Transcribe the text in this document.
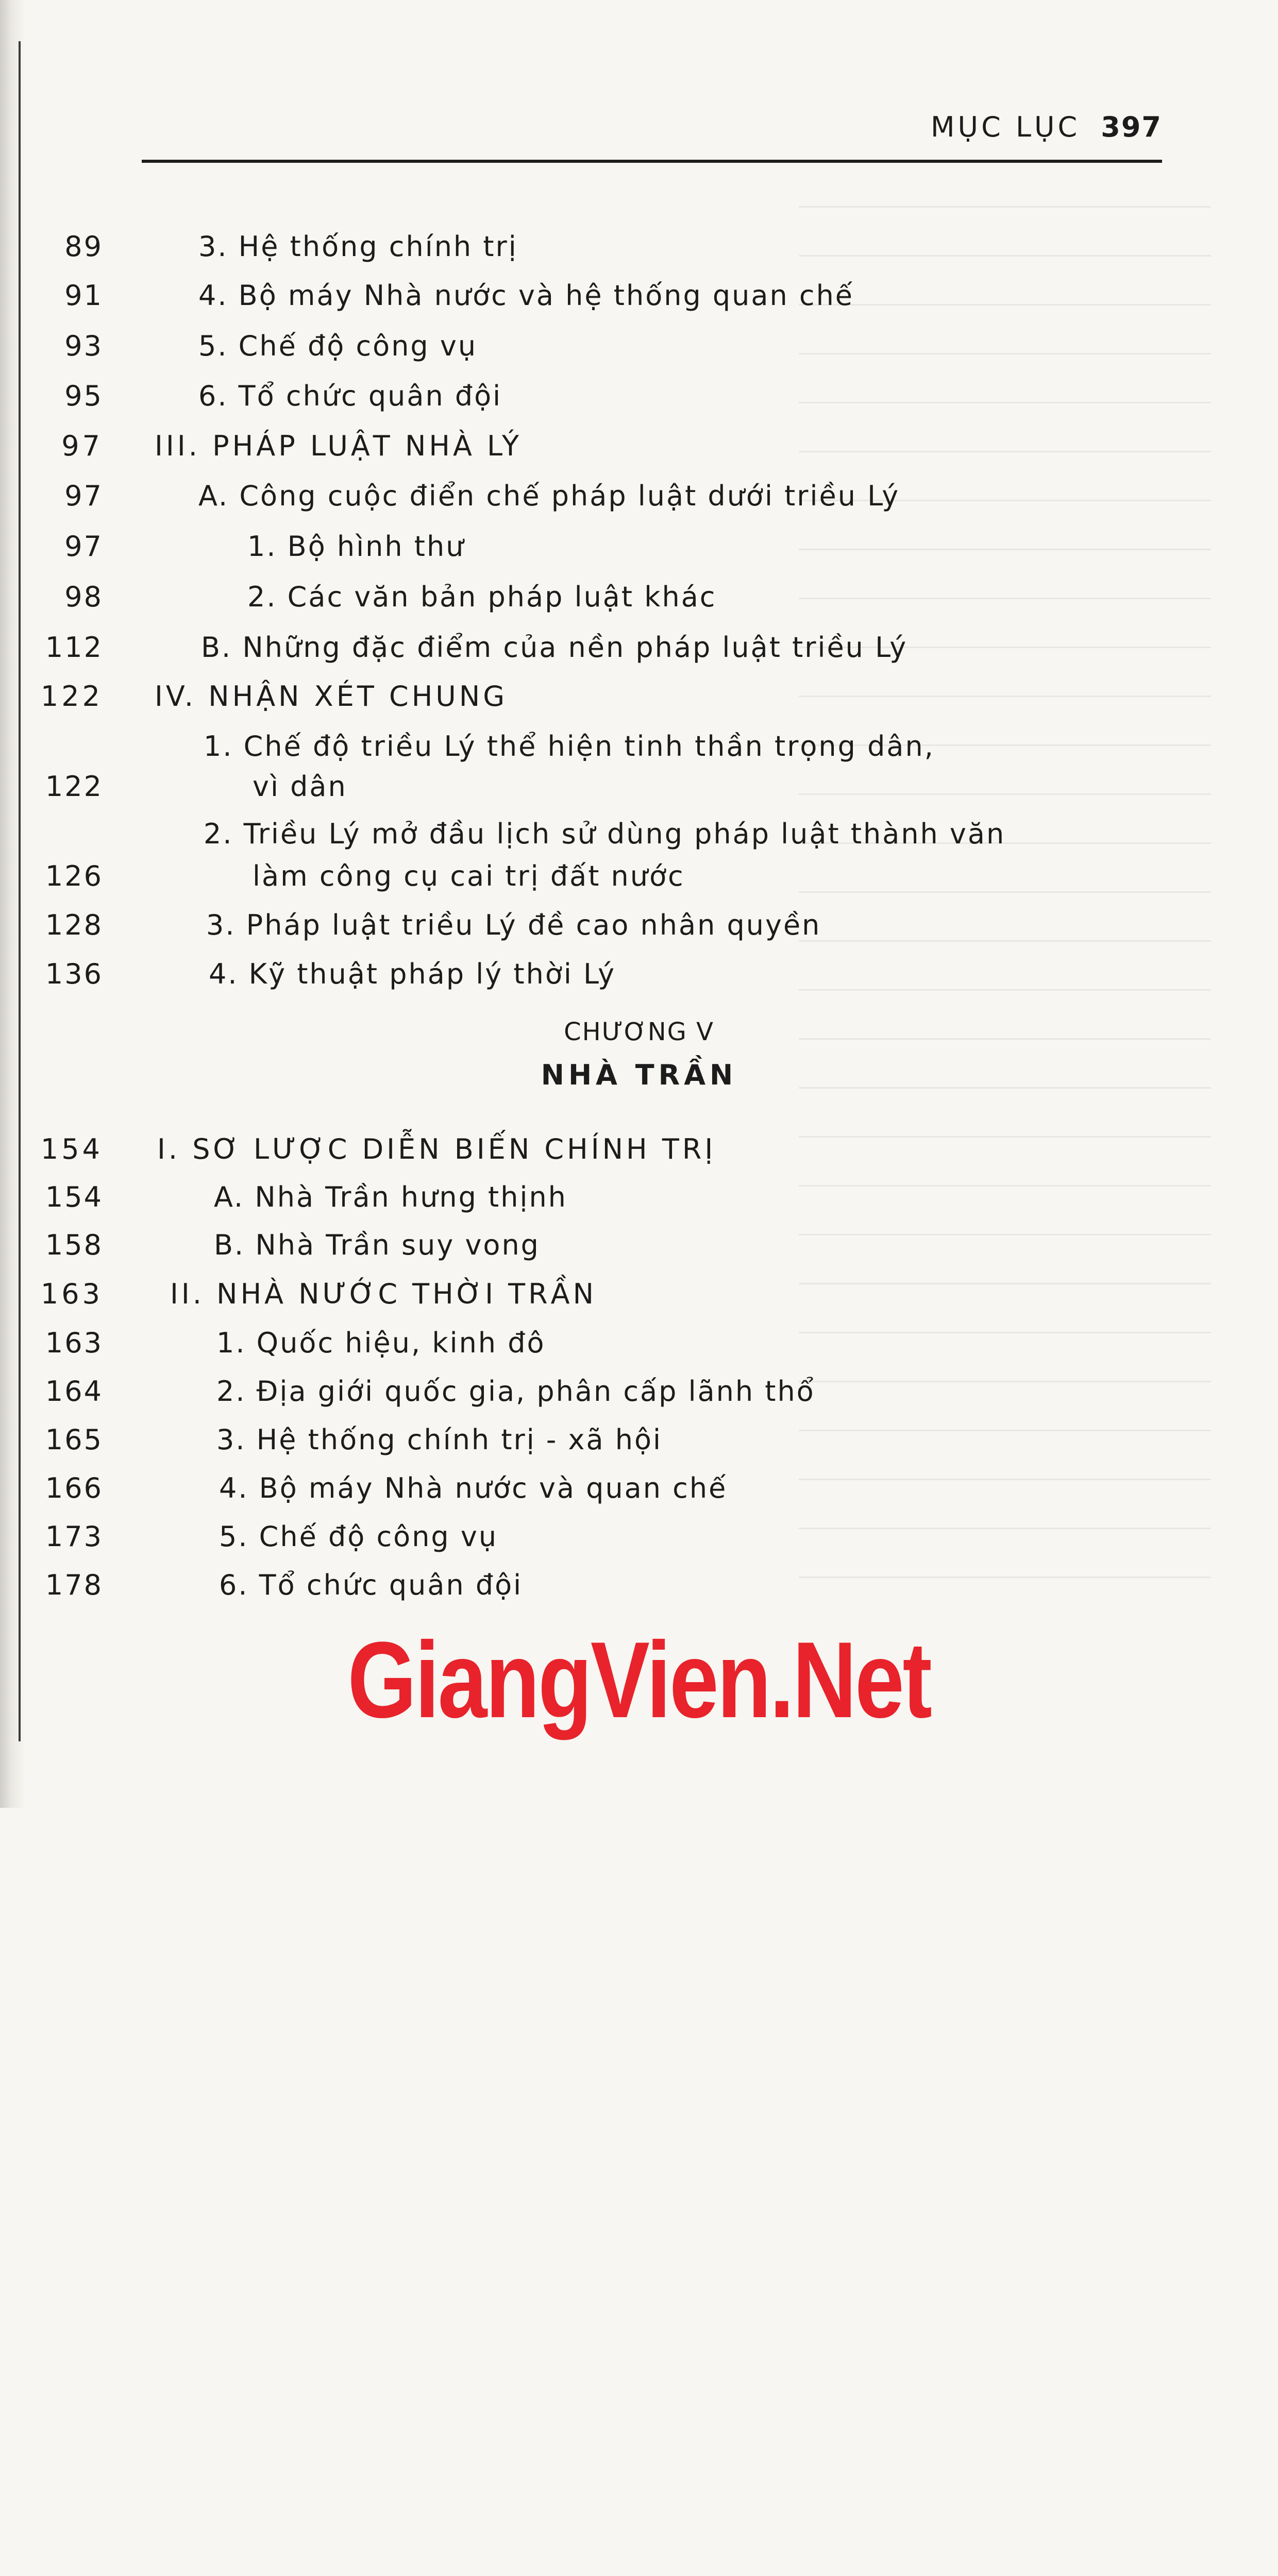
MỤC LỤC 397
3. Hệ thống chính trị
89
4. Bộ máy Nhà nước và hệ thống quan chế
91
5. Chế độ công vụ
93
6. Tổ chức quân đội
95
III. PHÁP LUẬT NHÀ LÝ
97
A. Công cuộc điển chế pháp luật dưới triều Lý
97
1. Bộ hình thư
97
2. Các văn bản pháp luật khác
98
B. Những đặc điểm của nền pháp luật triều Lý
112
IV. NHẬN XÉT CHUNG
122
1. Chế độ triều Lý thể hiện tinh thần trọng dân,
vì dân
122
2. Triều Lý mở đầu lịch sử dùng pháp luật thành văn
làm công cụ cai trị đất nước
126
3. Pháp luật triều Lý đề cao nhân quyền
128
4. Kỹ thuật pháp lý thời Lý
136
CHƯƠNG V
NHÀ TRẦN
I. SƠ LƯỢC DIỄN BIẾN CHÍNH TRỊ
154
A. Nhà Trần hưng thịnh
154
B. Nhà Trần suy vong
158
II. NHÀ NƯỚC THỜI TRẦN
163
1. Quốc hiệu, kinh đô
163
2. Địa giới quốc gia, phân cấp lãnh thổ
164
3. Hệ thống chính trị - xã hội
165
4. Bộ máy Nhà nước và quan chế
166
5. Chế độ công vụ
173
6. Tổ chức quân đội
178
GiangVien.Net
